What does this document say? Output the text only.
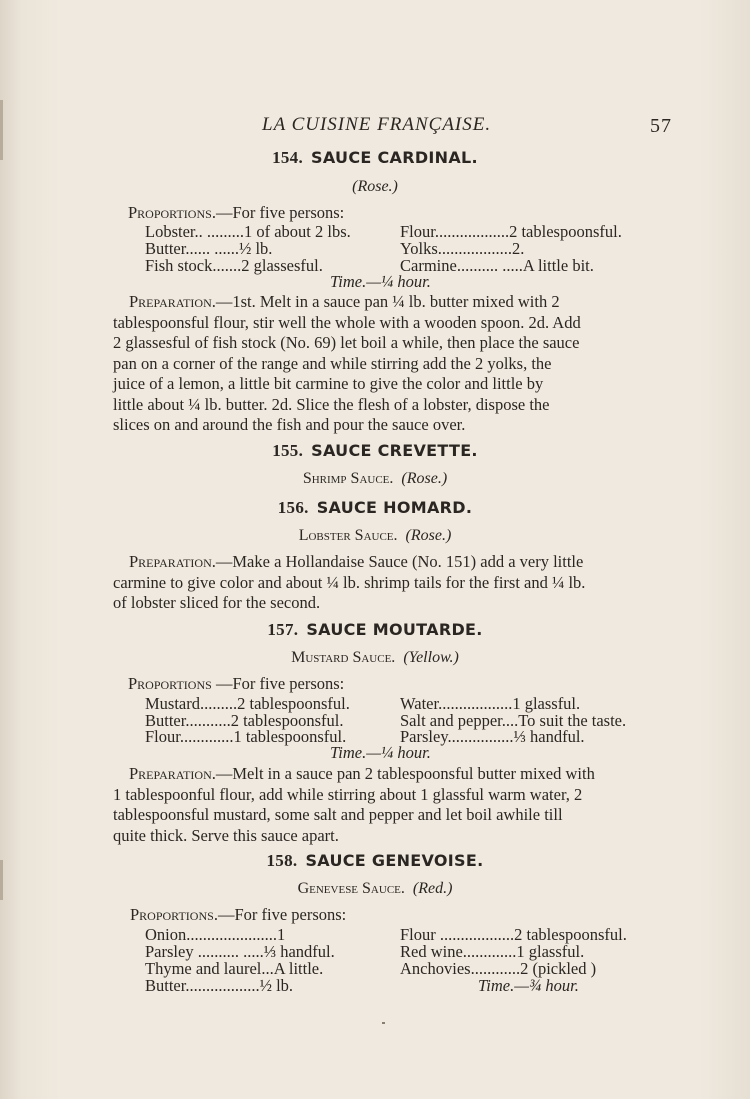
LA CUISINE FRANÇAISE.	57
154. SAUCE CARDINAL.
(Rose.)
Proportions.—For five persons:
Lobster.. .........1 of about 2 lbs.
Butter...... ......½ lb.
Fish stock.......2 glassesful.
Flour..................2 tablespoonsful.
Yolks..................2.
Carmine.......... .....A little bit.
Time.—¼ hour.
Preparation.—1st. Melt in a sauce pan ¼ lb. butter mixed with 2
tablespoonsful flour, stir well the whole with a wooden spoon. 2d. Add
2 glassesful of fish stock (No. 69) let boil a while, then place the sauce
pan on a corner of the range and while stirring add the 2 yolks, the
juice of a lemon, a little bit carmine to give the color and little by
little about ¼ lb. butter. 2d. Slice the flesh of a lobster, dispose the
slices on and around the fish and pour the sauce over.
155. SAUCE CREVETTE.
Shrimp Sauce. (Rose.)
156. SAUCE HOMARD.
Lobster Sauce. (Rose.)
Preparation.—Make a Hollandaise Sauce (No. 151) add a very little
carmine to give color and about ¼ lb. shrimp tails for the first and ¼ lb.
of lobster sliced for the second.
157. SAUCE MOUTARDE.
Mustard Sauce. (Yellow.)
Proportions —For five persons:
Mustard.........2 tablespoonsful.
Butter...........2 tablespoonsful.
Flour.............1 tablespoonsful.
Water..................1 glassful.
Salt and pepper....To suit the taste.
Parsley................⅓ handful.
Time.—¼ hour.
Preparation.—Melt in a sauce pan 2 tablespoonsful butter mixed with
1 tablespoonful flour, add while stirring about 1 glassful warm water, 2
tablespoonsful mustard, some salt and pepper and let boil awhile till
quite thick. Serve this sauce apart.
158. SAUCE GENEVOISE.
Genevese Sauce. (Red.)
Proportions.—For five persons:
Onion......................1
Parsley .......... .....⅓ handful.
Thyme and laurel...A little.
Butter..................½ lb.
Flour ..................2 tablespoonsful.
Red wine.............1 glassful.
Anchovies............2 (pickled )
Time.—¾ hour.
